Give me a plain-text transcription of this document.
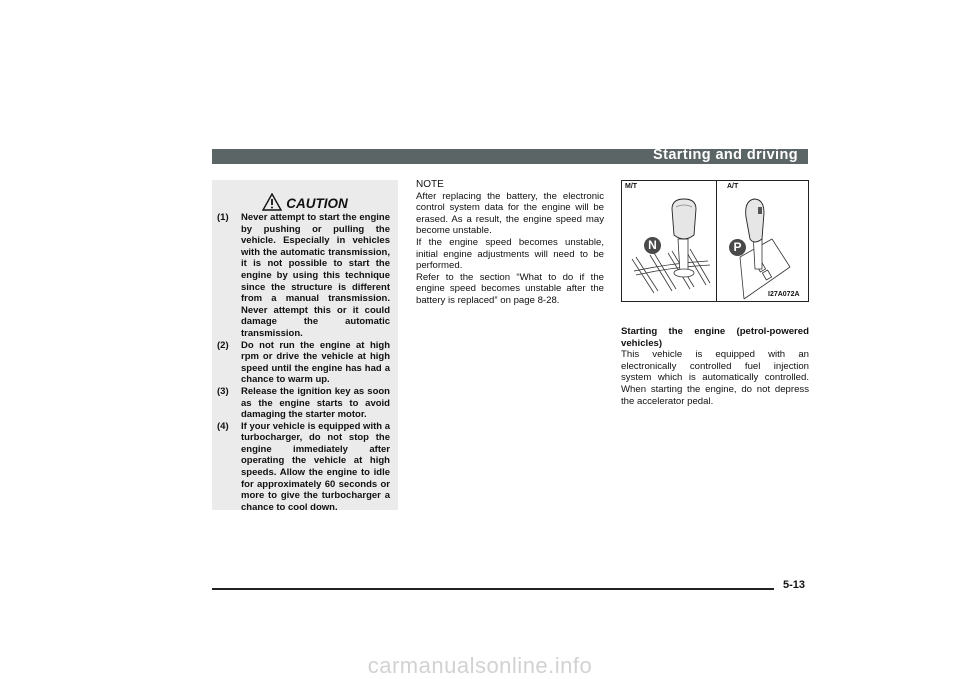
Starting and driving
CAUTION
(1) Never attempt to start the engine by pushing or pulling the vehicle. Especially in vehicles with the automatic transmission, it is not possible to start the engine by using this technique since the structure is different from a manual transmission. Never attempt this or it could damage the automatic transmission.
(2) Do not run the engine at high rpm or drive the vehicle at high speed until the engine has had a chance to warm up.
(3) Release the ignition key as soon as the engine starts to avoid damaging the starter motor.
(4) If your vehicle is equipped with a turbocharger, do not stop the engine immediately after operating the vehicle at high speeds. Allow the engine to idle for approximately 60 seconds or more to give the turbocharger a chance to cool down.
NOTE
After replacing the battery, the electronic control system data for the engine will be erased. As a result, the engine speed may become unstable.
If the engine speed becomes unstable, initial engine adjustments will need to be performed.
Refer to the section “What to do if the engine speed becomes unstable after the battery is replaced” on page 8-28.
M/T	A/T
N	P
I27A072A
Starting the engine (petrol-powered vehicles)
This vehicle is equipped with an electronically controlled fuel injection system which is automatically controlled. When starting the engine, do not depress the accelerator pedal.
5-13
carmanualsonline.info
